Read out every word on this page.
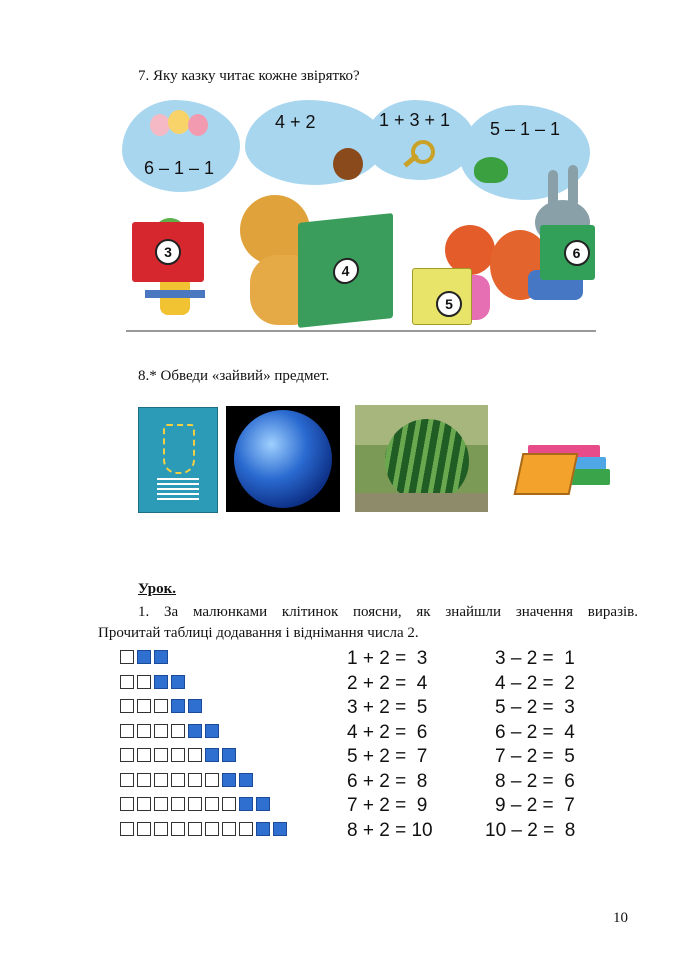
7. Яку казку читає кожне звірятко?
6 – 1 – 1
4 + 2	1 + 3 + 1 5 – 1 – 1
3
4
5
6
8.* Обведи «зайвий» предмет.
Урок.
1. За малюнками клітинок поясни, як знайшли значення виразів.
Прочитай таблиці додавання і віднімання числа 2.
1 + 2 =  3	3 – 2 =  1
2 + 2 =  4	4 – 2 =  2
3 + 2 =  5	5 – 2 =  3
4 + 2 =  6	6 – 2 =  4
5 + 2 =  7	7 – 2 =  5
6 + 2 =  8	8 – 2 =  6
7 + 2 =  9	9 – 2 =  7
8 + 2 = 10	10 – 2 =  8
10
